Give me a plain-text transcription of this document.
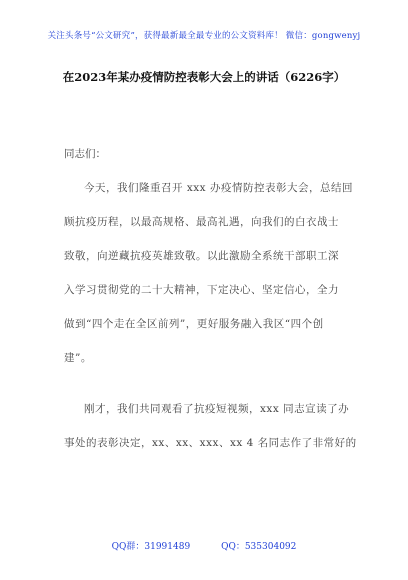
关注头条号“公文研究”，获得最新最全最专业的公文资料库！ 微信：gongwenyj
在2023年某办疫情防控表彰大会上的讲话（6226字）
同志们：
今天，我们隆重召开 xxx 办疫情防控表彰大会，总结回
顾抗疫历程，以最高规格、最高礼遇，向我们的白衣战士
致敬，向逆藏抗疫英雄致敬。以此激励全系统干部职工深
入学习贯彻党的二十大精神，下定决心、坚定信心，全力
做到“四个走在全区前列”，更好服务融入我区“四个创
建”。
刚才，我们共同观看了抗疫短视频，xxx 同志宣读了办
事处的表彰决定，xx、xx、xxx、xx 4 名同志作了非常好的
QQ群：31991489	QQ：535304092
